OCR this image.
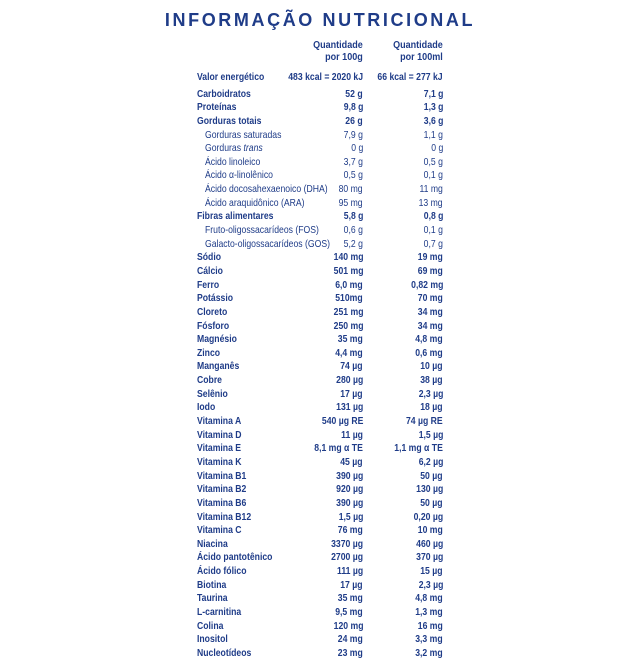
INFORMAÇÃO NUTRICIONAL
Quantidade
por 100g
Quantidade
por 100ml
Valor energético 483 kcal = 2020 kJ 66 kcal = 277 kJ
Carboidratos	52 g	7,1 g
Proteínas	9,8 g	1,3 g
Gorduras totais	26 g	3,6 g
Gorduras saturadas	7,9 g	1,1 g
Gorduras trans	0 g	0 g
Ácido linoleico	3,7 g	0,5 g
Ácido α-linolênico	0,5 g	0,1 g
Ácido docosahexaenoico (DHA) 80 mg	11 mg
Ácido araquidônico (ARA)	95 mg	13 mg
Fibras alimentares	5,8 g	0,8 g
Fruto-oligossacarídeos (FOS) 0,6 g	0,1 g
Galacto-oligossacarídeos (GOS) 5,2 g	0,7 g
Sódio	140 mg	19 mg
Cálcio	501 mg	69 mg
Ferro	6,0 mg	0,82 mg
Potássio	510mg	70 mg
Cloreto	251 mg	34 mg
Fósforo	250 mg	34 mg
Magnésio	35 mg	4,8 mg
Zinco	4,4 mg	0,6 mg
Manganês	74 µg	10 µg
Cobre	280 µg	38 µg
Selênio	17 µg	2,3 µg
Iodo	131 µg	18 µg
Vitamina A	540 µg RE	74 µg RE
Vitamina D	11 µg	1,5 µg
Vitamina E	8,1 mg α TE	1,1 mg α TE
Vitamina K	45 µg	6,2 µg
Vitamina B1	390 µg	50 µg
Vitamina B2	920 µg	130 µg
Vitamina B6	390 µg	50 µg
Vitamina B12	1,5 µg	0,20 µg
Vitamina C	76 mg	10 mg
Niacina	3370 µg	460 µg
Ácido pantotênico	2700 µg	370 µg
Ácido fólico	111 µg	15 µg
Biotina	17 µg	2,3 µg
Taurina	35 mg	4,8 mg
L-carnitina	9,5 mg	1,3 mg
Colina	120 mg	16 mg
Inositol	24 mg	3,3 mg
Nucleotídeos	23 mg	3,2 mg
